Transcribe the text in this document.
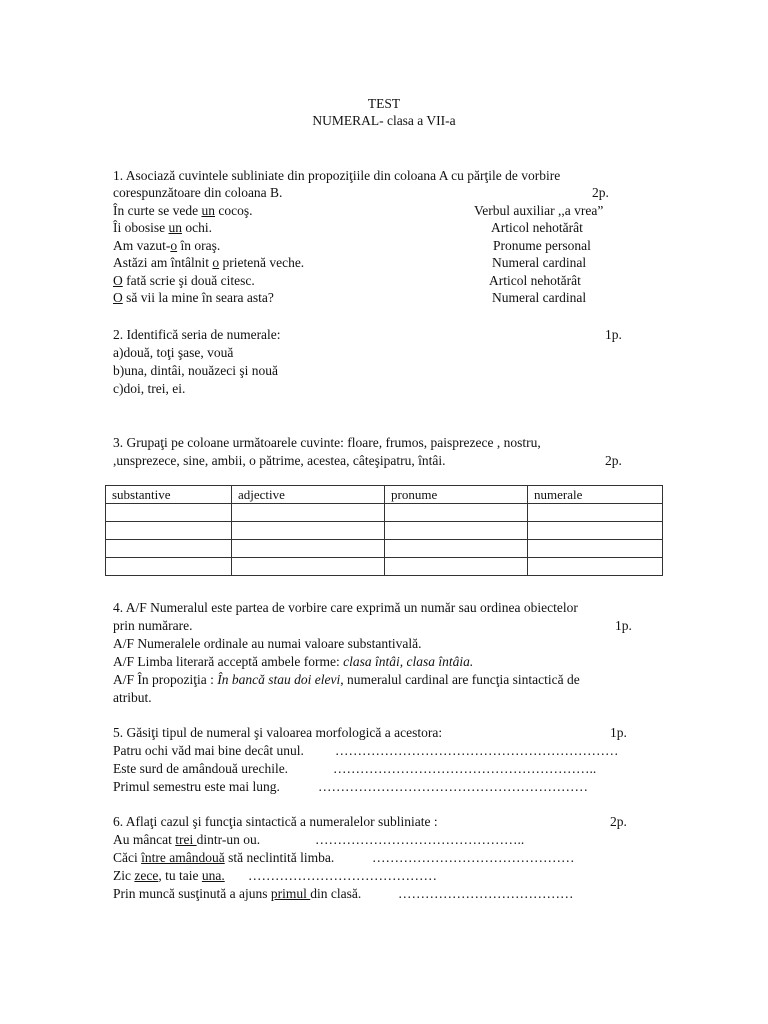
TEST
NUMERAL- clasa a VII-a
1. Asociază cuvintele subliniate din propoziţiile din coloana A cu părţile de vorbire
corespunzătoare din coloana B.	2p.
În curte se vede un cocoş.	Verbul auxiliar ,,a vrea”
Îi obosise un ochi.	Articol nehotărât
Am vazut-o în oraş.	Pronume personal
Astăzi am întâlnit o prietenă veche.	Numeral cardinal
O fată scrie şi două citesc.	Articol nehotărât
O să vii la mine în seara asta?	Numeral cardinal
2. Identifică seria de numerale:	1p.
a)două, toţi şase, vouă
b)una, dintâi, nouăzeci şi nouă
c)doi, trei, ei.
3. Grupaţi pe coloane următoarele cuvinte: floare, frumos, paisprezece , nostru,
,unsprezece, sine, ambii, o pătrime, acestea, câteşipatru, întâi.	2p.
substantive	adjective	pronume	numerale

4. A/F Numeralul este partea de vorbire care exprimă un număr sau ordinea obiectelor
prin numărare.	1p.
A/F Numeralele ordinale au numai valoare substantivală.
A/F Limba literară acceptă ambele forme: clasa întâi, clasa întâia.
A/F În propoziţia : În bancă stau doi elevi, numeralul cardinal are funcţia sintactică de
atribut.
5. Găsiţi tipul de numeral şi valoarea morfologică a acestora:	1p.
Patru ochi văd mai bine decât unul. ………………………………………………………
Este surd de amândouă urechile.	…………………………………………………..
Primul semestru este mai lung.	……………………………………………………
6. Aflaţi cazul şi funcţia sintactică a numeralelor subliniate :	2p.
Au mâncat trei dintr-un ou.	………………………………………..
Căci între amândouă stă neclintită limba.	………………………………………
Zic zece, tu taie una. ……………………………………
Prin muncă susţinută a ajuns primul din clasă.	…………………………………
